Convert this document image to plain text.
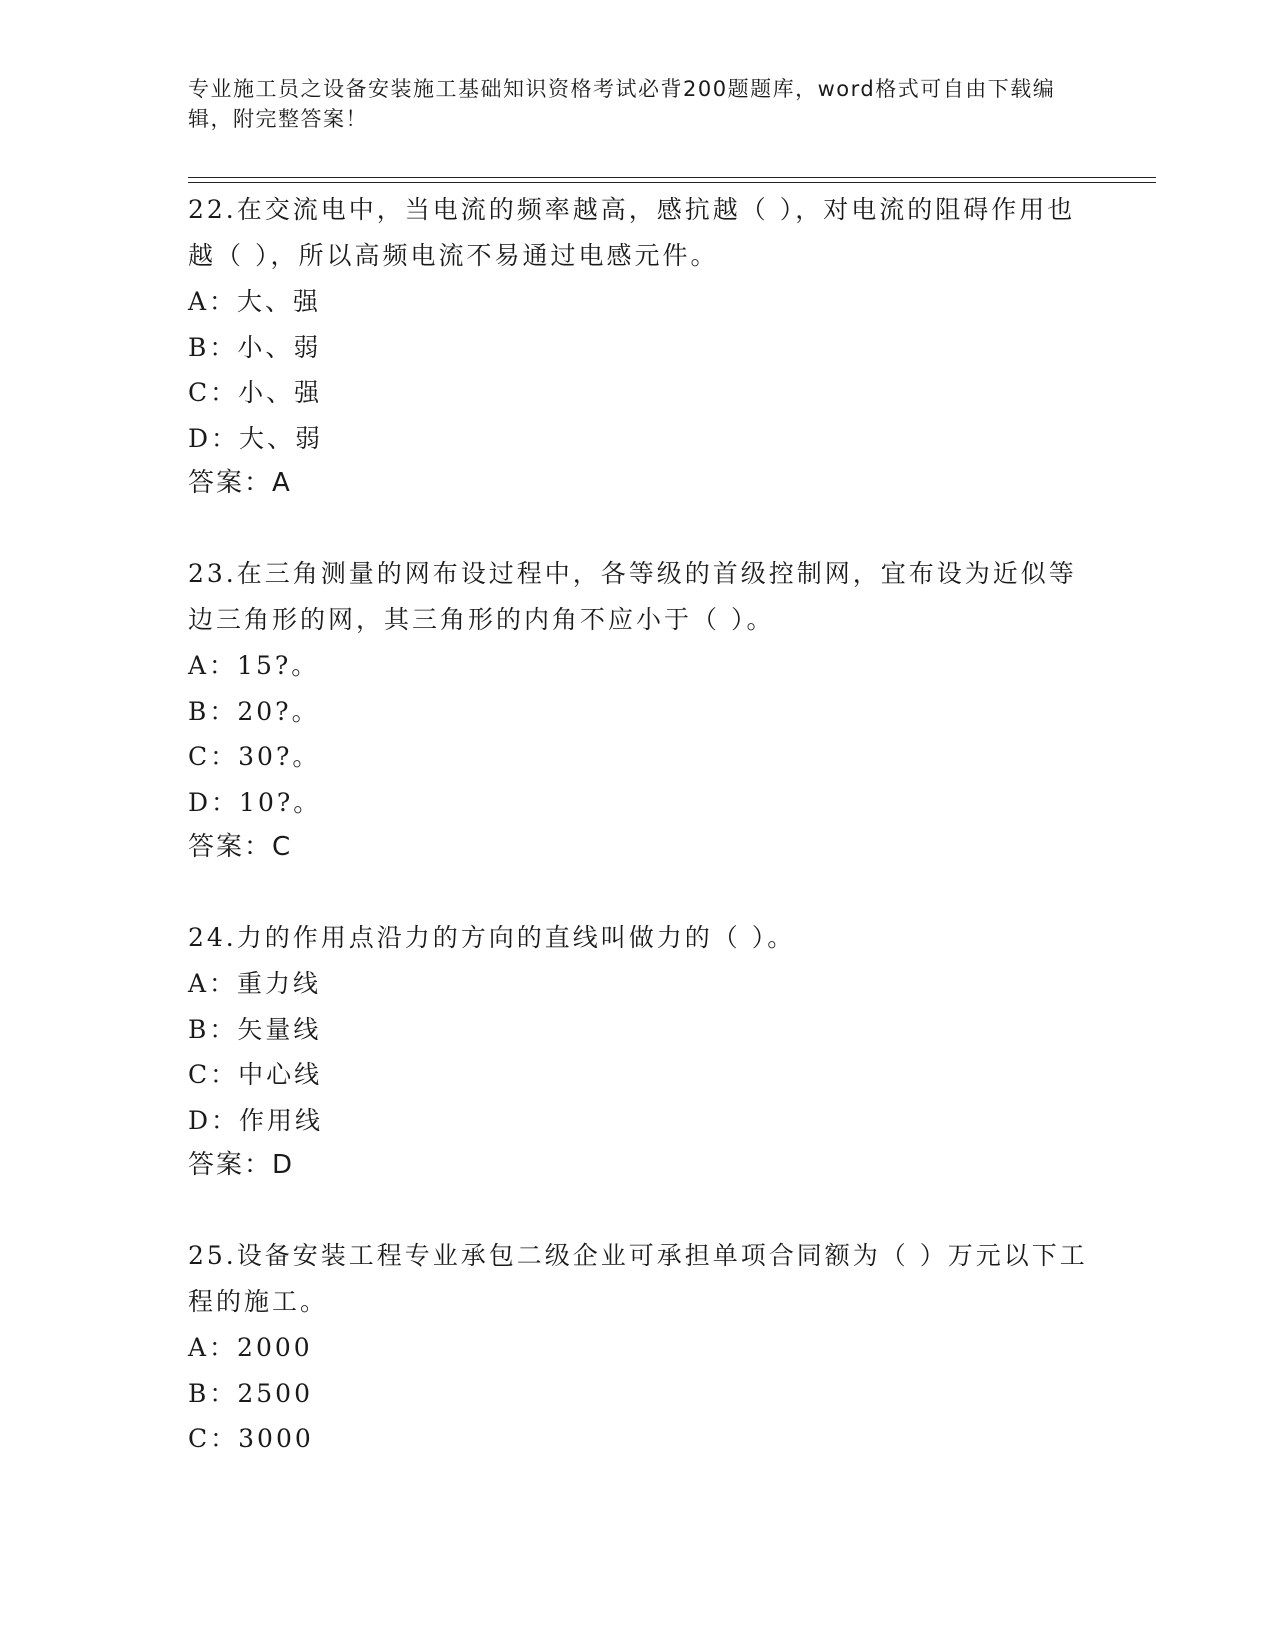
专业施工员之设备安装施工基础知识资格考试必背200题题库，word格式可自由下载编辑，附完整答案！

22.在交流电中，当电流的频率越高，感抗越（ ），对电流的阻碍作用也越（ ），所以高频电流不易通过电感元件。

A：大、强

B：小、弱

C：小、强

D：大、弱

答案：A

23.在三角测量的网布设过程中，各等级的首级控制网，宜布设为近似等边三角形的网，其三角形的内角不应小于（ ）。

A：15?。

B：20?。

C：30?。

D：10?。

答案：C

24.力的作用点沿力的方向的直线叫做力的（ ）。

A：重力线

B：矢量线

C：中心线

D：作用线

答案：D

25.设备安装工程专业承包二级企业可承担单项合同额为（ ）万元以下工程的施工。

A：2000

B：2500

C：3000
